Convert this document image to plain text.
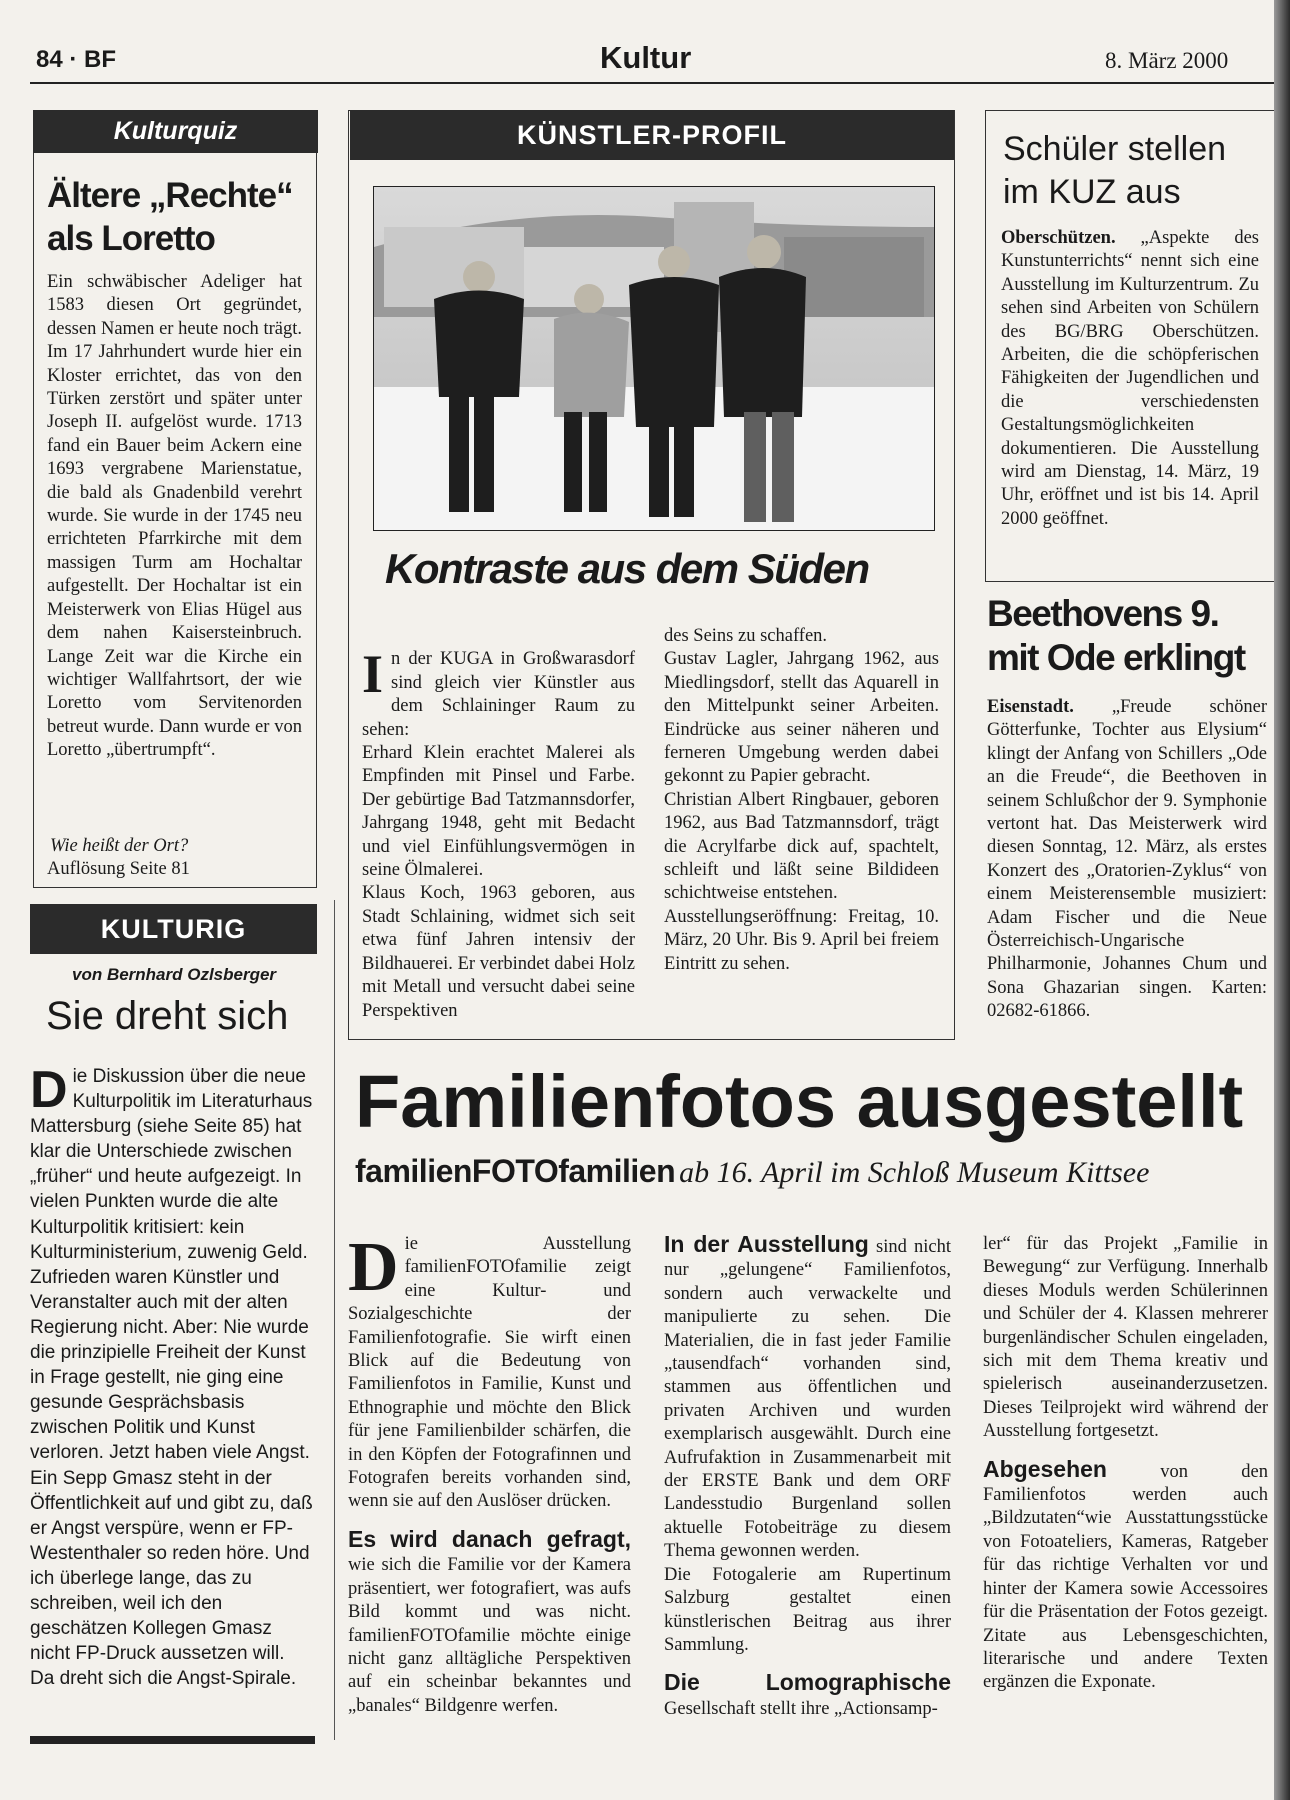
84 · BF	Kultur	8. März 2000
Kulturquiz
Ältere „Rechte“ als Loretto

Ein schwäbischer Adeliger hat 1583 diesen Ort gegründet, dessen Namen er heute noch trägt. Im 17 Jahrhundert wurde hier ein Kloster errichtet, das von den Türken zerstört und später unter Joseph II. aufgelöst wurde. 1713 fand ein Bauer beim Ackern eine 1693 vergrabene Marienstatue, die bald als Gnadenbild verehrt wurde. Sie wurde in der 1745 neu errichteten Pfarrkirche mit dem massigen Turm am Hochaltar aufgestellt. Der Hochaltar ist ein Meisterwerk von Elias Hügel aus dem nahen Kaisersteinbruch. Lange Zeit war die Kirche ein wichtiger Wallfahrtsort, der wie Loretto vom Servitenorden betreut wurde. Dann wurde er von Loretto „übertrumpft“.

Wie heißt der Ort?
Auflösung Seite 81
KULTURIG
von Bernhard Ozlsberger
Sie dreht sich
Die Diskussion über die neue Kulturpolitik im Literaturhaus Mattersburg (siehe Seite 85) hat klar die Unterschiede zwischen „früher“ und heute aufgezeigt. In vielen Punkten wurde die alte Kulturpolitik kritisiert: kein Kulturministerium, zuwenig Geld. Zufrieden waren Künstler und Veranstalter auch mit der alten Regierung nicht. Aber: Nie wurde die prinzipielle Freiheit der Kunst in Frage gestellt, nie ging eine gesunde Gesprächsbasis zwischen Politik und Kunst verloren. Jetzt haben viele Angst. Ein Sepp Gmasz steht in der Öffentlichkeit auf und gibt zu, daß er Angst verspüre, wenn er FP-Westenthaler so reden höre. Und ich überlege lange, das zu schreiben, weil ich den geschätzen Kollegen Gmasz nicht FP-Druck aussetzen will. Da dreht sich die Angst-Spirale.
KÜNSTLER-PROFIL
Kontraste aus dem Süden

In der KUGA in Großwarasdorf sind gleich vier Künstler aus dem Schlaininger Raum zu sehen:
Erhard Klein erachtet Malerei als Empfinden mit Pinsel und Farbe. Der gebürtige Bad Tatzmannsdorfer, Jahrgang 1948, geht mit Bedacht und viel Einfühlungsvermögen in seine Ölmalerei.
Klaus Koch, 1963 geboren, aus Stadt Schlaining, widmet sich seit etwa fünf Jahren intensiv der Bildhauerei. Er verbindet dabei Holz mit Metall und versucht dabei seine Perspektiven

des Seins zu schaffen.
Gustav Lagler, Jahrgang 1962, aus Miedlingsdorf, stellt das Aquarell in den Mittelpunkt seiner Arbeiten. Eindrücke aus seiner näheren und ferneren Umgebung werden dabei gekonnt zu Papier gebracht.
Christian Albert Ringbauer, geboren 1962, aus Bad Tatzmannsdorf, trägt die Acrylfarbe dick auf, spachtelt, schleift und läßt seine Bildideen schichtweise entstehen.
Ausstellungseröffnung: Freitag, 10. März, 20 Uhr. Bis 9. April bei freiem Eintritt zu sehen.

Schüler stellen im KUZ aus
Oberschützen. „Aspekte des Kunstunterrichts“ nennt sich eine Ausstellung im Kulturzentrum. Zu sehen sind Arbeiten von Schülern des BG/BRG Oberschützen. Arbeiten, die die schöpferischen Fähigkeiten der Jugendlichen und die verschiedensten Gestaltungsmöglichkeiten dokumentieren. Die Ausstellung wird am Dienstag, 14. März, 19 Uhr, eröffnet und ist bis 14. April 2000 geöffnet.
Beethovens 9. mit Ode erklingt
Eisenstadt. „Freude schöner Götterfunke, Tochter aus Elysium“ klingt der Anfang von Schillers „Ode an die Freude“, die Beethoven in seinem Schlußchor der 9. Symphonie vertont hat. Das Meisterwerk wird diesen Sonntag, 12. März, als erstes Konzert des „Oratorien-Zyklus“ von einem Meisterensemble musiziert: Adam Fischer und die Neue Österreichisch-Ungarische Philharmonie, Johannes Chum und Sona Ghazarian singen. Karten: 02682-61866.
Familienfotos ausgestellt
familienFOTOfamilien ab 16. April im Schloß Museum Kittsee
Die Ausstellung familienFOTOfamilie zeigt eine Kultur- und Sozialgeschichte der Familienfotografie. Sie wirft einen Blick auf die Bedeutung von Familienfotos in Familie, Kunst und Ethnographie und möchte den Blick für jene Familienbilder schärfen, die in den Köpfen der Fotografinnen und Fotografen bereits vorhanden sind, wenn sie auf den Auslöser drücken.
Es wird danach gefragt, wie sich die Familie vor der Kamera präsentiert, wer fotografiert, was aufs Bild kommt und was nicht. familienFOTOfamilie möchte einige nicht ganz alltägliche Perspektiven auf ein scheinbar bekanntes und „banales“ Bildgenre werfen.
In der Ausstellung sind nicht nur „gelungene“ Familienfotos, sondern auch verwackelte und manipulierte zu sehen. Die Materialien, die in fast jeder Familie „tausendfach“ vorhanden sind, stammen aus öffentlichen und privaten Archiven und wurden exemplarisch ausgewählt. Durch eine Aufrufaktion in Zusammenarbeit mit der ERSTE Bank und dem ORF Landesstudio Burgenland sollen aktuelle Fotobeiträge zu diesem Thema gewonnen werden.
Die Fotogalerie am Rupertinum Salzburg gestaltet einen künstlerischen Beitrag aus ihrer Sammlung.
Die Lomographische Gesellschaft stellt ihre „Actionsamp-
ler“ für das Projekt „Familie in Bewegung“ zur Verfügung. Innerhalb dieses Moduls werden Schülerinnen und Schüler der 4. Klassen mehrerer burgenländischer Schulen eingeladen, sich mit dem Thema kreativ und spielerisch auseinanderzusetzen. Dieses Teilprojekt wird während der Ausstellung fortgesetzt.
Abgesehen	von den Familienfotos werden auch „Bildzutaten“wie Ausstattungsstücke von Fotoateliers, Kameras, Ratgeber für das richtige Verhalten vor und hinter der Kamera sowie Accessoires für die Präsentation der Fotos gezeigt. Zitate aus Lebensgeschichten, literarische und andere Texten ergänzen die Exponate.
